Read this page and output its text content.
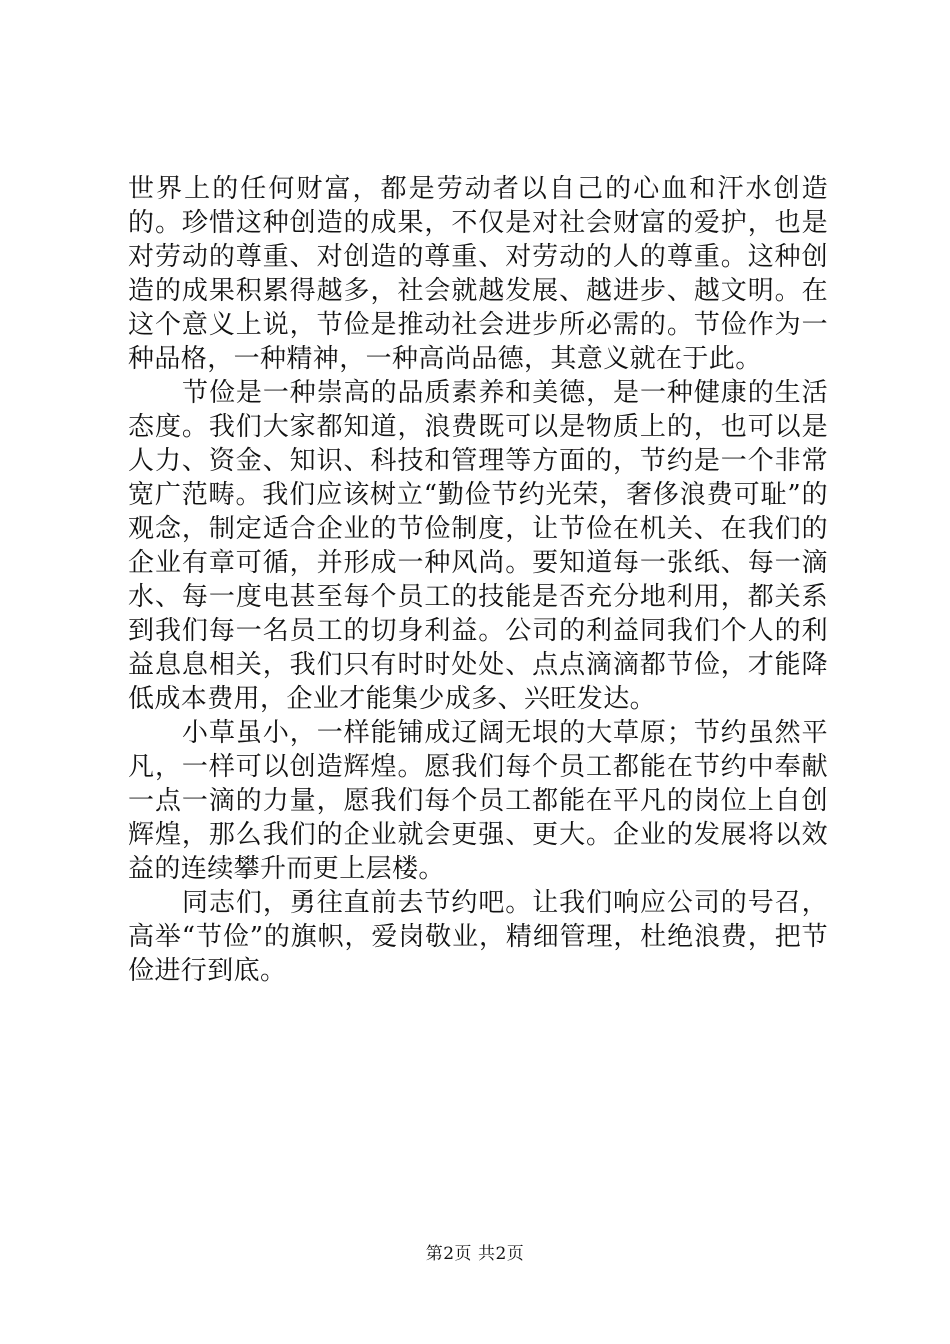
世界上的任何财富，都是劳动者以自己的心血和汗水创造的。珍惜这种创造的成果，不仅是对社会财富的爱护，也是对劳动的尊重、对创造的尊重、对劳动的人的尊重。这种创造的成果积累得越多，社会就越发展、越进步、越文明。在这个意义上说，节俭是推动社会进步所必需的。节俭作为一种品格，一种精神，一种高尚品德，其意义就在于此。

节俭是一种崇高的品质素养和美德，是一种健康的生活态度。我们大家都知道，浪费既可以是物质上的，也可以是人力、资金、知识、科技和管理等方面的，节约是一个非常宽广范畴。我们应该树立“勤俭节约光荣，奢侈浪费可耻”的观念，制定适合企业的节俭制度，让节俭在机关、在我们的企业有章可循，并形成一种风尚。要知道每一张纸、每一滴水、每一度电甚至每个员工的技能是否充分地利用，都关系到我们每一名员工的切身利益。公司的利益同我们个人的利益息息相关，我们只有时时处处、点点滴滴都节俭，才能降低成本费用，企业才能集少成多、兴旺发达。

小草虽小，一样能铺成辽阔无垠的大草原；节约虽然平凡，一样可以创造辉煌。愿我们每个员工都能在节约中奉献一点一滴的力量，愿我们每个员工都能在平凡的岗位上自创辉煌，那么我们的企业就会更强、更大。企业的发展将以效益的连续攀升而更上层楼。

同志们，勇往直前去节约吧。让我们响应公司的号召，高举“节俭”的旗帜，爱岗敬业，精细管理，杜绝浪费，把节俭进行到底。

第2页 共2页
